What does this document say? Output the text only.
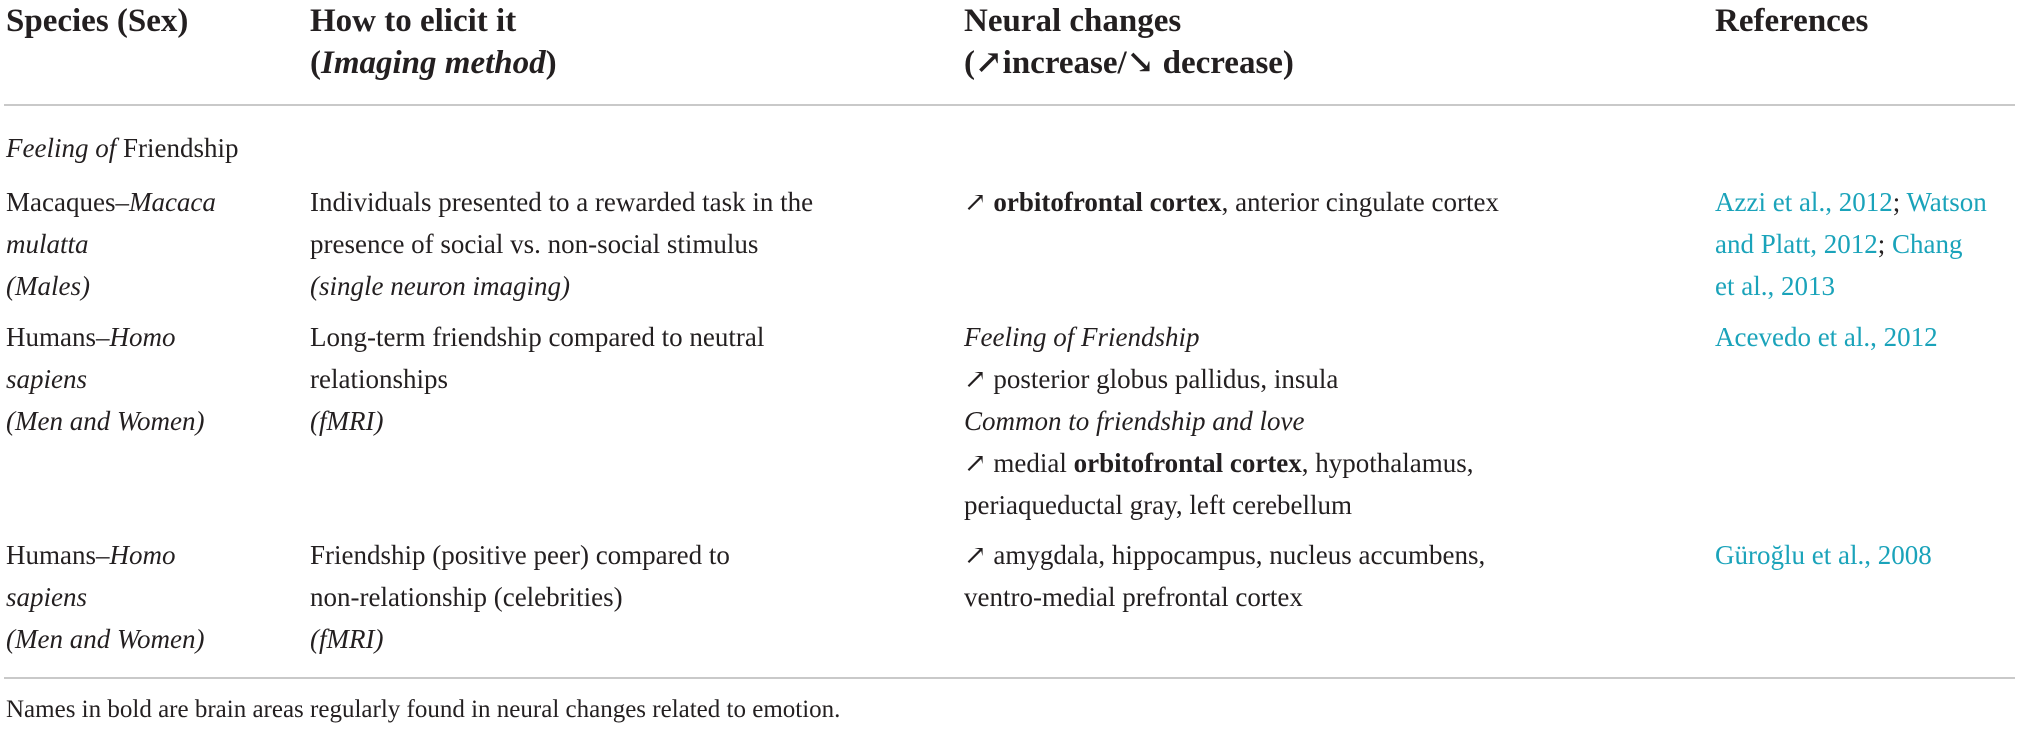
Species (Sex)	How to elicit it
(Imaging method)
Neural changes
(↗increase/↘ decrease)
References
Feeling of Friendship
Macaques–Macaca
mulatta
(Males)
Individuals presented to a rewarded task in the
presence of social vs. non-social stimulus
(single neuron imaging)
↗ orbitofrontal cortex, anterior cingulate cortex	Azzi et al., 2012; Watson
and Platt, 2012; Chang
et al., 2013
Humans–Homo
sapiens
(Men and Women)
Long-term friendship compared to neutral
relationships
(fMRI)
Feeling of Friendship
↗ posterior globus pallidus, insula
Common to friendship and love
↗ medial orbitofrontal cortex, hypothalamus,
periaqueductal gray, left cerebellum
Acevedo et al., 2012
Humans–Homo
sapiens
(Men and Women)
Friendship (positive peer) compared to
non-relationship (celebrities)
(fMRI)
↗ amygdala, hippocampus, nucleus accumbens,
ventro-medial prefrontal cortex
Güroğlu et al., 2008
Names in bold are brain areas regularly found in neural changes related to emotion.
